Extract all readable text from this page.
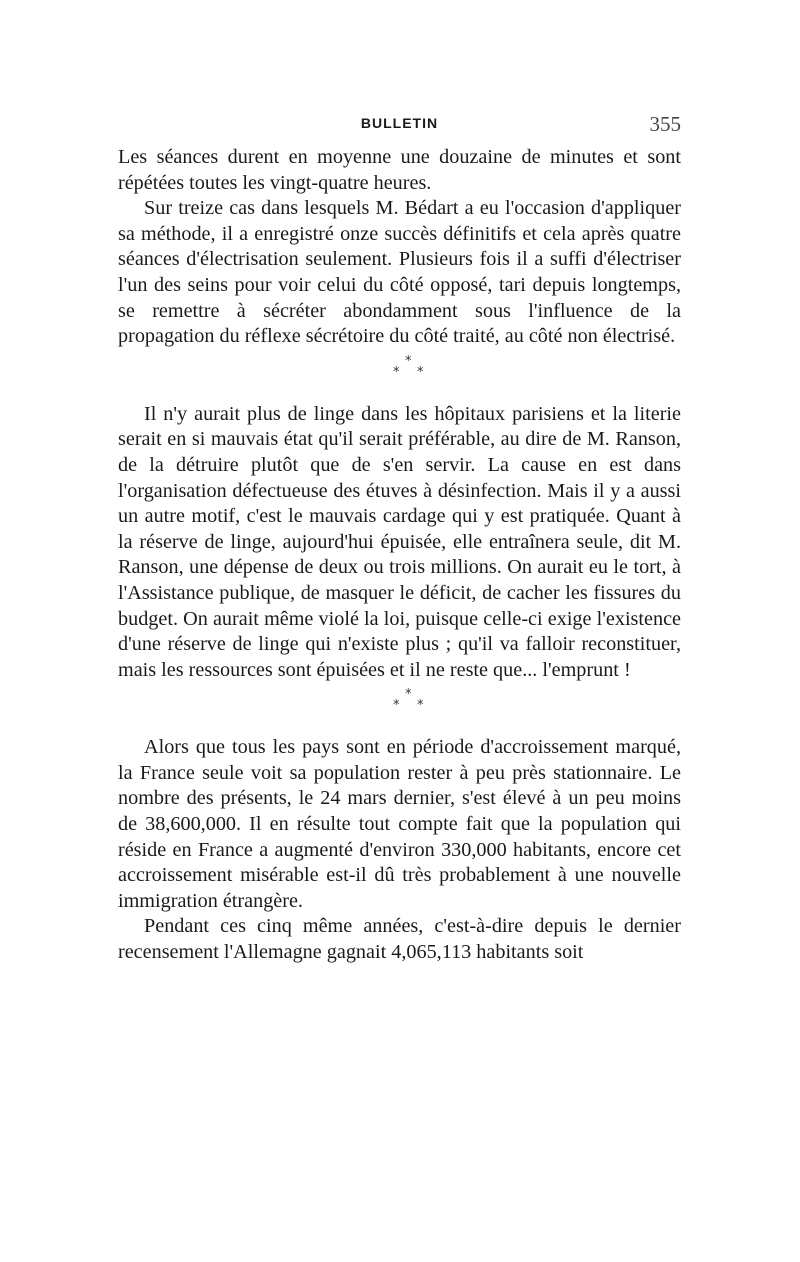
BULLETIN	355

Les séances durent en moyenne une douzaine de minutes et sont répétées toutes les vingt-quatre heures.

Sur treize cas dans lesquels M. Bédart a eu l'occasion d'appliquer sa méthode, il a enregistré onze succès définitifs et cela après quatre séances d'électrisation seulement. Plusieurs fois il a suffi d'électriser l'un des seins pour voir celui du côté opposé, tari depuis longtemps, se remettre à sécréter abondamment sous l'influence de la propagation du réflexe sécrétoire du côté traité, au côté non électrisé.

*
* *

Il n'y aurait plus de linge dans les hôpitaux parisiens et la literie serait en si mauvais état qu'il serait préférable, au dire de M. Ranson, de la détruire plutôt que de s'en servir. La cause en est dans l'organisation défectueuse des étuves à désinfection. Mais il y a aussi un autre motif, c'est le mauvais cardage qui y est pratiquée. Quant à la réserve de linge, aujourd'hui épuisée, elle entraînera seule, dit M. Ranson, une dépense de deux ou trois millions. On aurait eu le tort, à l'Assistance publique, de masquer le déficit, de cacher les fissures du budget. On aurait même violé la loi, puisque celle-ci exige l'existence d'une réserve de linge qui n'existe plus ; qu'il va falloir reconstituer, mais les ressources sont épuisées et il ne reste que... l'emprunt !

*
* *

Alors que tous les pays sont en période d'accroissement marqué, la France seule voit sa population rester à peu près stationnaire. Le nombre des présents, le 24 mars dernier, s'est élevé à un peu moins de 38,600,000. Il en résulte tout compte fait que la population qui réside en France a augmenté d'environ 330,000 habitants, encore cet accroissement misérable est-il dû très probablement à une nouvelle immigration étrangère.

Pendant ces cinq même années, c'est-à-dire depuis le dernier recensement l'Allemagne gagnait 4,065,113 habitants soit
